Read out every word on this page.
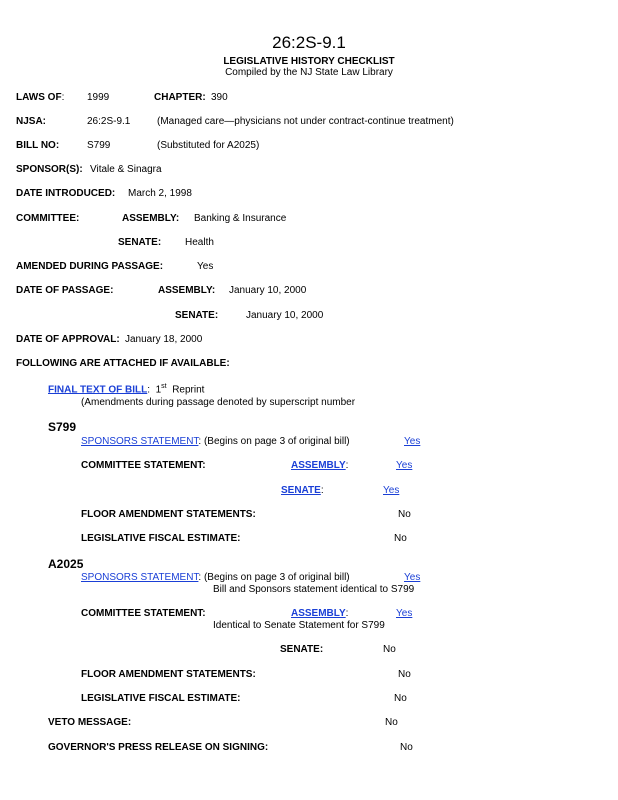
26:2S-9.1
LEGISLATIVE HISTORY CHECKLIST
Compiled by the NJ State Law Library
LAWS OF: 1999	CHAPTER: 390
NJSA:	26:2S-9.1	(Managed care—physicians not under contract-continue treatment)
BILL NO:	S799	(Substituted for A2025)
SPONSOR(S): Vitale & Sinagra
DATE INTRODUCED: March 2, 1998
COMMITTEE:	ASSEMBLY: Banking & Insurance
SENATE: Health
AMENDED DURING PASSAGE:	Yes
DATE OF PASSAGE:	ASSEMBLY: January 10, 2000
SENATE:	January 10, 2000
DATE OF APPROVAL: January 18, 2000
FOLLOWING ARE ATTACHED IF AVAILABLE:
FINAL TEXT OF BILL: 1st Reprint
(Amendments during passage denoted by superscript number
S799
SPONSORS STATEMENT: (Begins on page 3 of original bill)	Yes
COMMITTEE STATEMENT:	ASSEMBLY:	Yes
SENATE:	Yes
FLOOR AMENDMENT STATEMENTS:	No
LEGISLATIVE FISCAL ESTIMATE:	No
A2025
SPONSORS STATEMENT: (Begins on page 3 of original bill)	Yes
Bill and Sponsors statement identical to S799
COMMITTEE STATEMENT:	ASSEMBLY:	Yes
Identical to Senate Statement for S799
SENATE:	No
FLOOR AMENDMENT STATEMENTS:	No
LEGISLATIVE FISCAL ESTIMATE:	No
VETO MESSAGE:	No
GOVERNOR'S PRESS RELEASE ON SIGNING:	No
